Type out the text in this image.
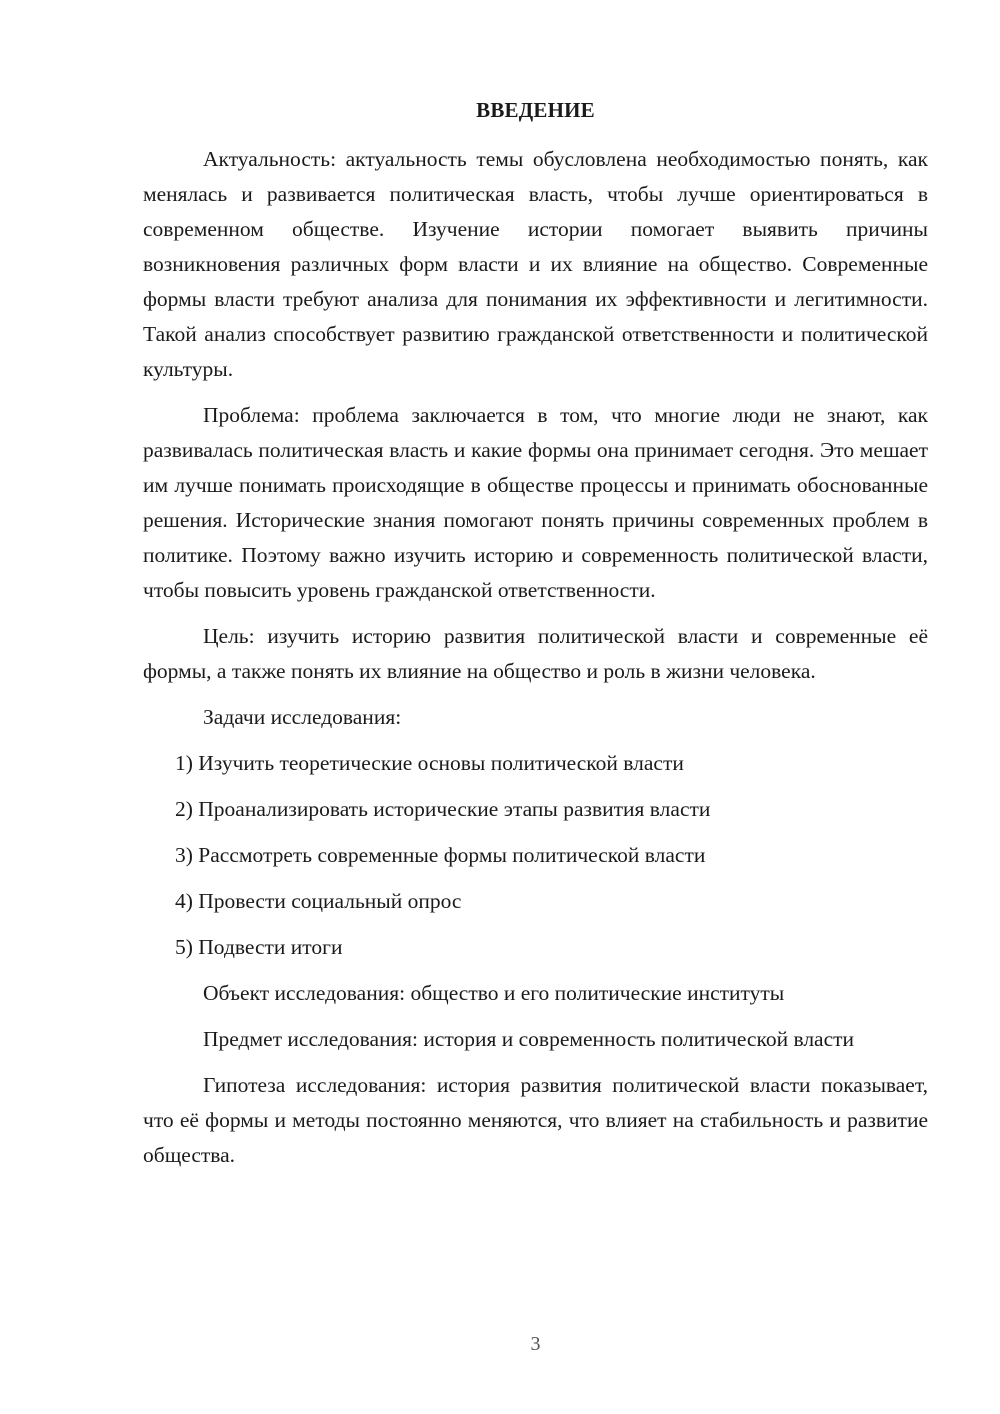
ВВЕДЕНИЕ

Актуальность: актуальность темы обусловлена необходимостью понять, как менялась и развивается политическая власть, чтобы лучше ориентироваться в современном обществе. Изучение истории помогает выявить причины возникновения различных форм власти и их влияние на общество. Современные формы власти требуют анализа для понимания их эффективности и легитимности. Такой анализ способствует развитию гражданской ответственности и политической культуры.

Проблема: проблема заключается в том, что многие люди не знают, как развивалась политическая власть и какие формы она принимает сегодня. Это мешает им лучше понимать происходящие в обществе процессы и принимать обоснованные решения. Исторические знания помогают понять причины современных проблем в политике. Поэтому важно изучить историю и современность политической власти, чтобы повысить уровень гражданской ответственности.

Цель: изучить историю развития политической власти и современные её формы, а также понять их влияние на общество и роль в жизни человека.

Задачи исследования:

1) Изучить теоретические основы политической власти

2) Проанализировать исторические этапы развития власти

3) Рассмотреть современные формы политической власти

4) Провести социальный опрос

5) Подвести итоги

Объект исследования: общество и его политические институты

Предмет исследования: история и современность политической власти

Гипотеза исследования: история развития политической власти показывает, что её формы и методы постоянно меняются, что влияет на стабильность и развитие общества.

3
